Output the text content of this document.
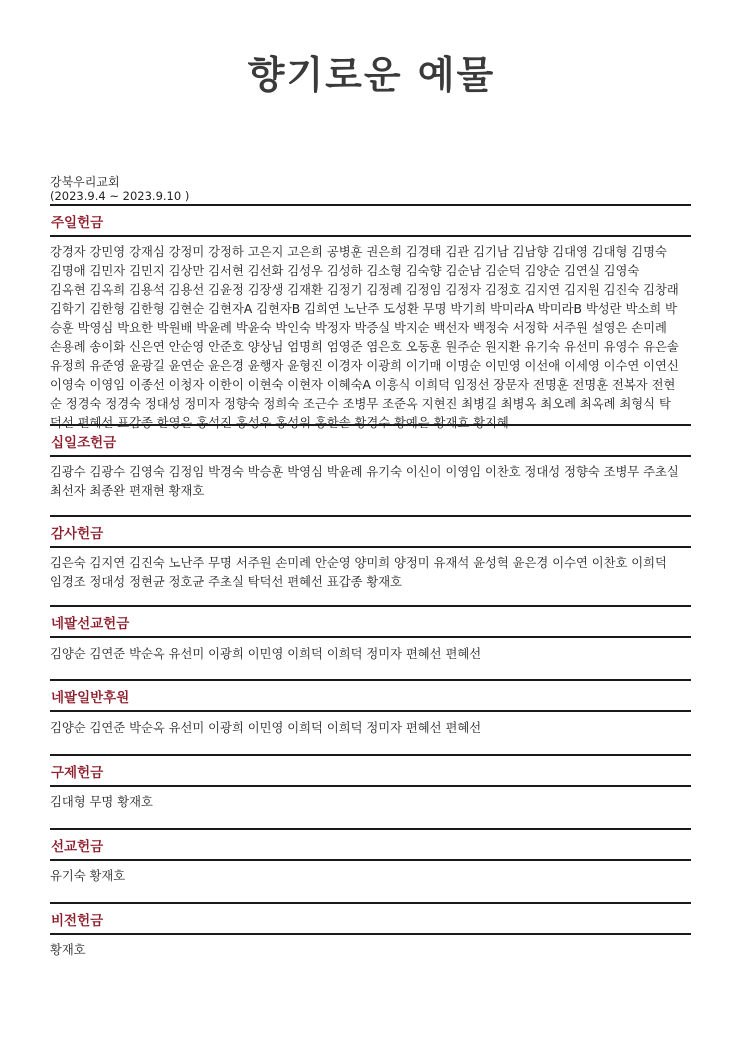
향기로운 예물
강북우리교회
(2023.9.4 ~ 2023.9.10 )
주일헌금
강경자 강민영 강재심 강정미 강정하 고은지 고은희 공병훈 권은희 김경태 김관 김기남 김남향 김대영 김대형 김명숙
김명애 김민자 김민지 김상만 김서현 김선화 김성우 김성하 김소형 김숙향 김순남 김순덕 김양순 김연실 김영숙
김옥현 김옥희 김용석 김용선 김윤정 김장생 김재환 김정기 김정례 김정임 김정자 김정호 김지연 김지원 김진숙 김창래
김학기 김한형 김한형 김현순 김현자A 김현자B 김희연 노난주 도성환 무명 박기희 박미라A 박미라B 박성란 박소희 박
승훈 박영심 박요한 박원배 박윤례 박윤숙 박인숙 박정자 박증실 박지순 백선자 백정숙 서정학 서주원 설영은 손미례
손용례 송이화 신은연 안순영 안준호 양상님 엄명희 엄영준 염은호 오동훈 원주순 원지환 유기숙 유선미 유영수 유은솔
유정희 유준영 윤광길 윤연순 윤은경 윤행자 윤형진 이경자 이광희 이기매 이명순 이민영 이선애 이세영 이수연 이연신
이영숙 이영임 이종선 이청자 이한이 이현숙 이현자 이혜숙A 이흥식 이희덕 임정선 장문자 전명훈 전명훈 전복자 전현
순 정경숙 정경숙 정대성 정미자 정향숙 정희숙 조근수 조병무 조준옥 지현진 최병길 최병옥 최오례 최옥례 최형식 탁
덕선 편혜선 표갑종 한영은 홍석진 홍성우 홍성위 홍한솔 황경수 황예은 황재호 황지혜
십일조헌금
김광수 김광수 김영숙 김정임 박경숙 박승훈 박영심 박윤례 유기숙 이신이 이영임 이찬호 정대성 정향숙 조병무 주초실
최선자 최종완 편재현 황재호
감사헌금
김은숙 김지연 김진숙 노난주 무명 서주원 손미례 안순영 양미희 양정미 유재석 윤성혁 윤은경 이수연 이찬호 이희덕
임경조 정대성 정현균 정호균 주초실 탁덕선 편혜선 표갑종 황재호
네팔선교헌금
김양순 김연준 박순옥 유선미 이광희 이민영 이희덕 이희덕 정미자 편혜선 편혜선
네팔일반후원
김양순 김연준 박순옥 유선미 이광희 이민영 이희덕 이희덕 정미자 편혜선 편혜선
구제헌금
김대형 무명 황재호
선교헌금
유기숙 황재호
비전헌금
황재호
